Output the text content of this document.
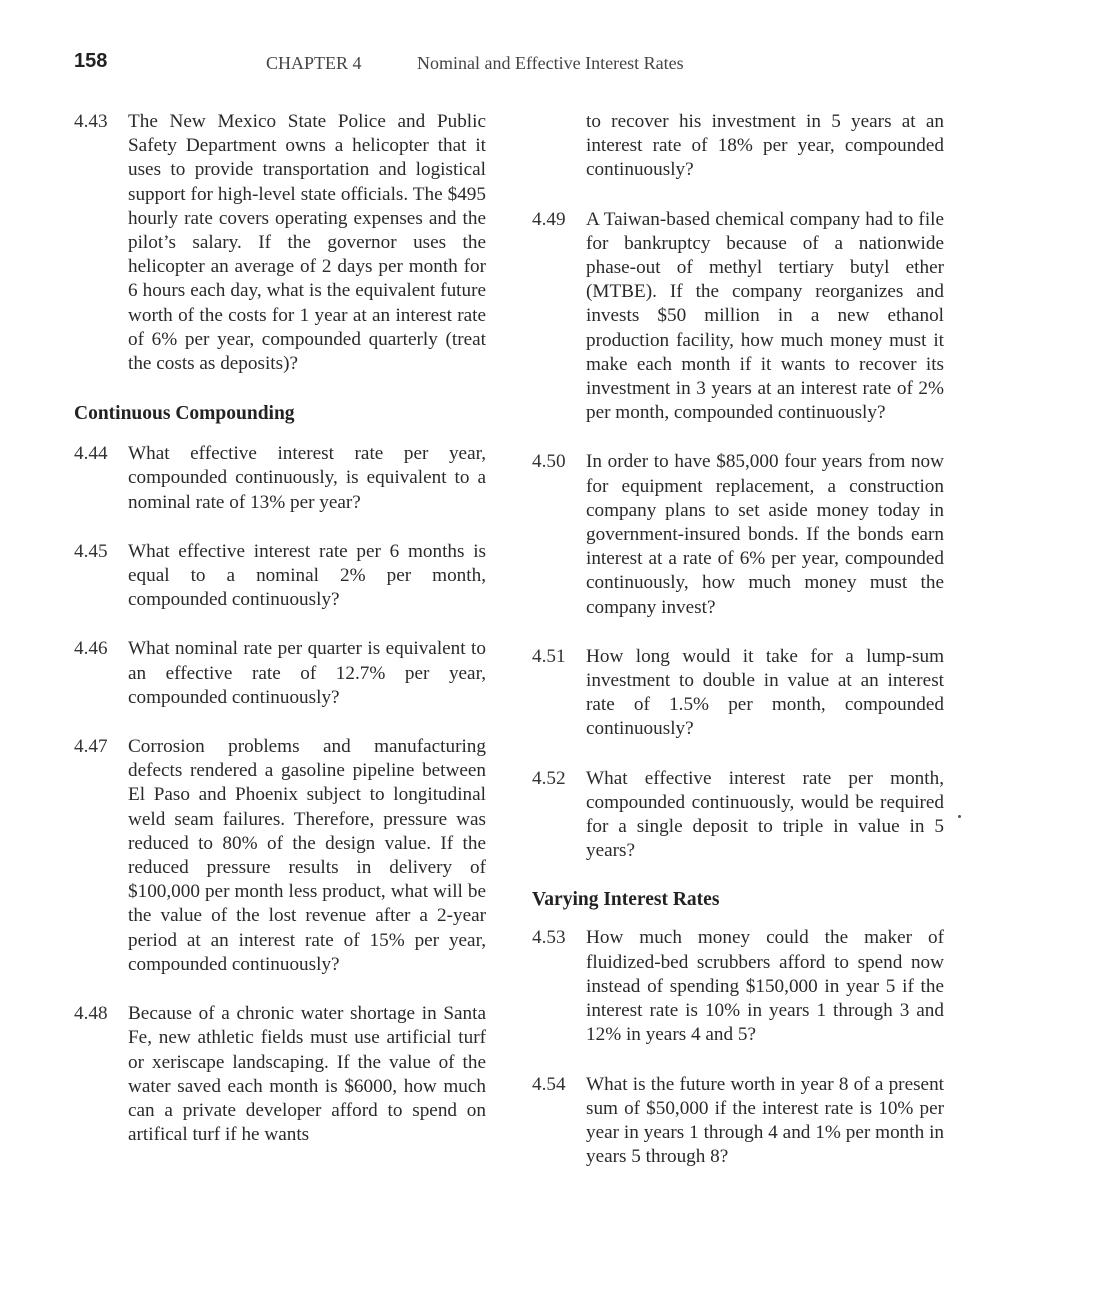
158	CHAPTER 4	Nominal and Effective Interest Rates
4.43	The New Mexico State Police and Public Safety Department owns a helicopter that it uses to provide transportation and logistical support for high-level state officials. The $495 hourly rate covers operating expenses and the pilot’s salary. If the governor uses the helicopter an average of 2 days per month for 6 hours each day, what is the equivalent future worth of the costs for 1 year at an interest rate of 6% per year, compounded quarterly (treat the costs as deposits)?
Continuous Compounding
4.44	What effective interest rate per year, compounded continuously, is equivalent to a nominal rate of 13% per year?
4.45	What effective interest rate per 6 months is equal to a nominal 2% per month, compounded continuously?
4.46	What nominal rate per quarter is equivalent to an effective rate of 12.7% per year, compounded continuously?
4.47	Corrosion problems and manufacturing defects rendered a gasoline pipeline between El Paso and Phoenix subject to longitudinal weld seam failures. Therefore, pressure was reduced to 80% of the design value. If the reduced pressure results in delivery of $100,000 per month less product, what will be the value of the lost revenue after a 2-year period at an interest rate of 15% per year, compounded continuously?
4.48	Because of a chronic water shortage in Santa Fe, new athletic fields must use artificial turf or xeriscape landscaping. If the value of the water saved each month is $6000, how much can a private developer afford to spend on artifical turf if he wants
to recover his investment in 5 years at an interest rate of 18% per year, compounded continuously?
4.49	A Taiwan-based chemical company had to file for bankruptcy because of a nationwide phase-out of methyl tertiary butyl ether (MTBE). If the company reorganizes and invests $50 million in a new ethanol production facility, how much money must it make each month if it wants to recover its investment in 3 years at an interest rate of 2% per month, compounded continuously?
4.50	In order to have $85,000 four years from now for equipment replacement, a construction company plans to set aside money today in government-insured bonds. If the bonds earn interest at a rate of 6% per year, compounded continuously, how much money must the company invest?
4.51	How long would it take for a lump-sum investment to double in value at an interest rate of 1.5% per month, compounded continuously?
4.52	What effective interest rate per month, compounded continuously, would be required for a single deposit to triple in value in 5 years?
Varying Interest Rates
4.53	How much money could the maker of fluidized-bed scrubbers afford to spend now instead of spending $150,000 in year 5 if the interest rate is 10% in years 1 through 3 and 12% in years 4 and 5?
4.54	What is the future worth in year 8 of a present sum of $50,000 if the interest rate is 10% per year in years 1 through 4 and 1% per month in years 5 through 8?
